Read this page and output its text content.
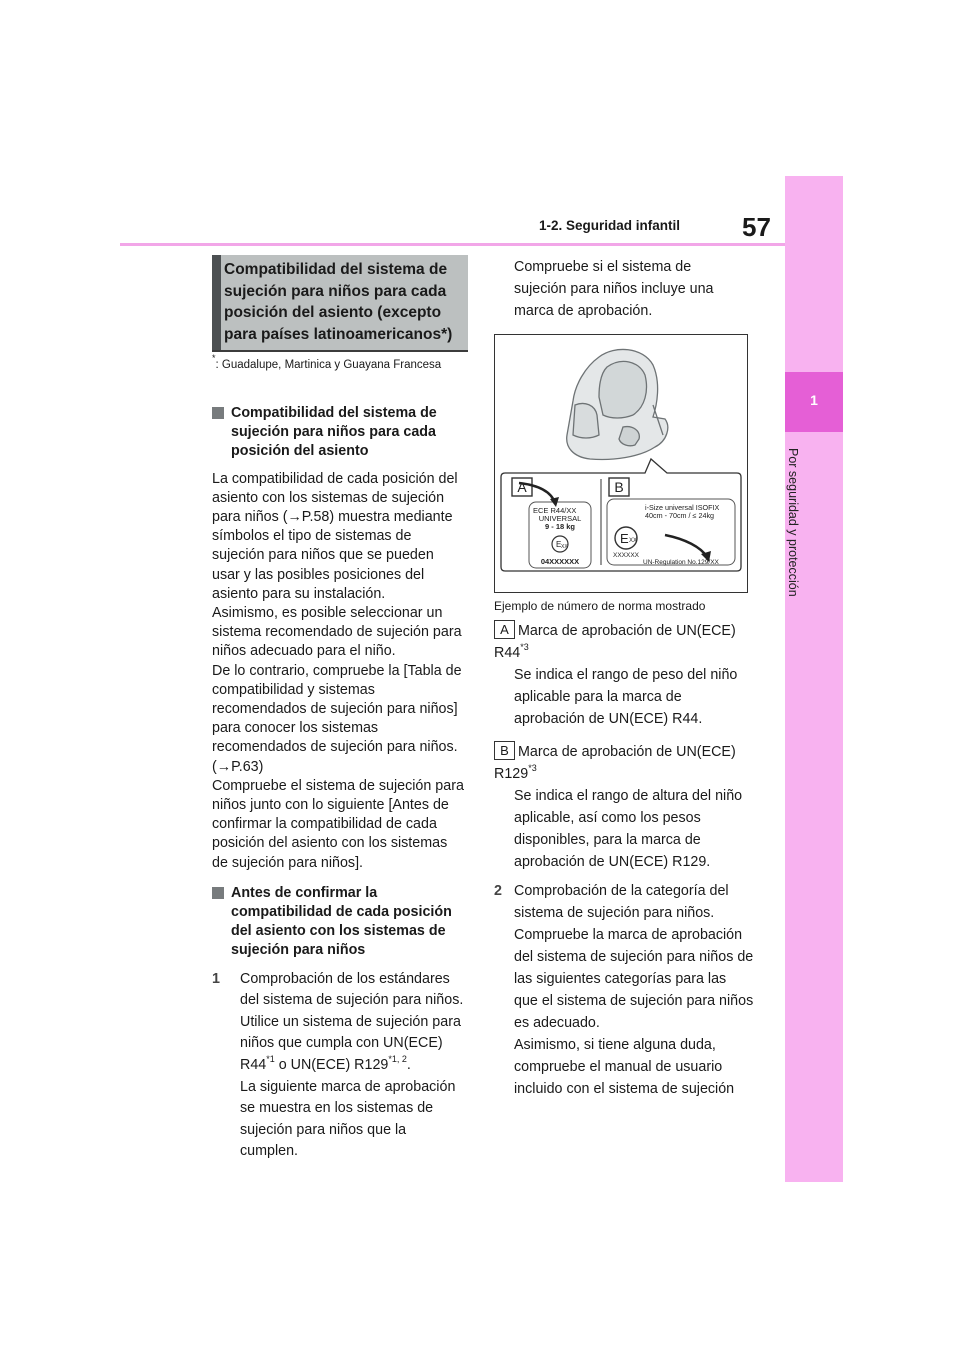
1-2. Seguridad infantil 57
1
Por seguridad y protección
Compatibilidad del sistema de sujeción para niños para cada posición del asiento (excepto para países latinoamericanos*)
*: Guadalupe, Martinica y Guayana Francesa
Compatibilidad del sistema de sujeción para niños para cada posición del asiento
La compatibilidad de cada posición del asiento con los sistemas de sujeción para niños (→P.58) muestra mediante símbolos el tipo de sistemas de sujeción para niños que se pueden usar y las posibles posiciones del asiento para su instalación.
Asimismo, es posible seleccionar un sistema recomendado de sujeción para niños adecuado para el niño.
De lo contrario, compruebe la [Tabla de compatibilidad y sistemas recomendados de sujeción para niños] para conocer los sistemas recomendados de sujeción para niños. (→P.63)
Compruebe el sistema de sujeción para niños junto con lo siguiente [Antes de confirmar la compatibilidad de cada posición del asiento con los sistemas de sujeción para niños].
Antes de confirmar la compatibilidad de cada posición del asiento con los sistemas de sujeción para niños
1	Comprobación de los estándares del sistema de sujeción para niños.
Utilice un sistema de sujeción para niños que cumpla con UN(ECE) R44$^{*1}$ o UN(ECE) R129$^{*1, 2}$.
La siguiente marca de aprobación se muestra en los sistemas de sujeción para niños que la cumplen.
Compruebe si el sistema de sujeción para niños incluye una marca de aprobación.
A	B
ECE R44/XX
UNIVERSAL
9 - 18 kg
E XX
04XXXXXX
i-Size universal ISOFIX
40cm - 70cm / ≤ 24kg
E XX
XXXXXX
UN-Regulation No.129/XX
Ejemplo de número de norma mostrado
A Marca de aprobación de UN(ECE) R44$^{*3}$
Se indica el rango de peso del niño aplicable para la marca de aprobación de UN(ECE) R44.
B Marca de aprobación de UN(ECE) R129$^{*3}$
Se indica el rango de altura del niño aplicable, así como los pesos disponibles, para la marca de aprobación de UN(ECE) R129.
2 Comprobación de la categoría del sistema de sujeción para niños.
Compruebe la marca de aprobación del sistema de sujeción para niños de las siguientes categorías para las que el sistema de sujeción para niños es adecuado.
Asimismo, si tiene alguna duda, compruebe el manual de usuario incluido con el sistema de sujeción
